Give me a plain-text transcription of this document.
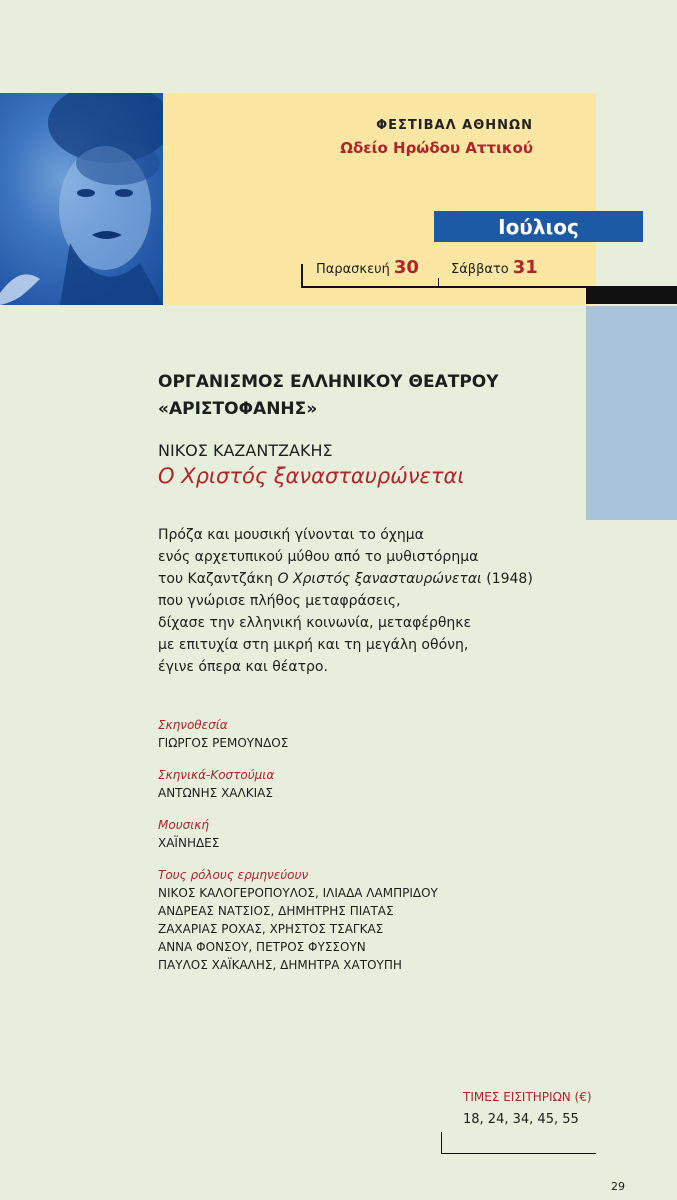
ΦΕΣΤΙΒΑΛ ΑΘΗΝΩΝ
Ωδείο Ηρώδου Αττικού
Ιούλιος
Παρασκευή 30 Σάββατο 31
ΟΡΓΑΝΙΣΜΟΣ ΕΛΛΗΝΙΚΟΥ ΘΕΑΤΡΟΥ
«ΑΡΙΣΤΟΦΑΝΗΣ»
ΝΙΚΟΣ ΚΑΖΑΝΤΖΑΚΗΣ
Ο Χριστός ξανασταυρώνεται
Πρόζα και μουσική γίνονται το όχημα
ενός αρχετυπικού μύθου από το μυθιστόρημα
του Καζαντζάκη Ο Χριστός ξανασταυρώνεται (1948)
που γνώρισε πλήθος μεταφράσεις,
δίχασε την ελληνική κοινωνία, μεταφέρθηκε
με επιτυχία στη μικρή και τη μεγάλη οθόνη,
έγινε όπερα και θέατρο.
Σκηνοθεσία
ΓΙΩΡΓΟΣ ΡΕΜΟΥΝΔΟΣ
Σκηνικά-Κοστούμια
ΑΝΤΩΝΗΣ ΧΑΛΚΙΑΣ
Μουσική
ΧΑΪΝΗΔΕΣ
Τους ρόλους ερμηνεύουν
ΝΙΚΟΣ ΚΑΛΟΓΕΡΟΠΟΥΛΟΣ, ΙΛΙΑΔΑ ΛΑΜΠΡΙΔΟΥ
ΑΝΔΡΕΑΣ ΝΑΤΣΙΟΣ, ΔΗΜΗΤΡΗΣ ΠΙΑΤΑΣ
ΖΑΧΑΡΙΑΣ ΡΟΧΑΣ, ΧΡΗΣΤΟΣ ΤΣΑΓΚΑΣ
ΑΝΝΑ ΦΟΝΣΟΥ, ΠΕΤΡΟΣ ΦΥΣΣΟΥΝ
ΠΑΥΛΟΣ ΧΑΪΚΑΛΗΣ, ΔΗΜΗΤΡΑ ΧΑΤΟΥΠΗ
ΤΙΜΕΣ ΕΙΣΙΤΗΡΙΩΝ (€)
18, 24, 34, 45, 55
29
